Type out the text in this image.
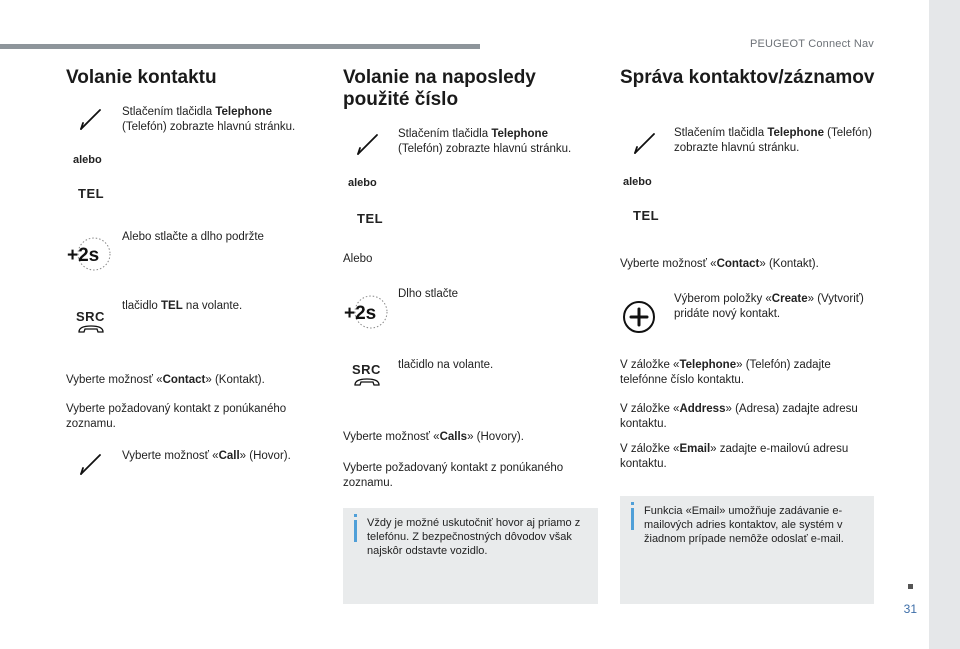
PEUGEOT Connect Nav
31
Volanie kontaktu
Stlačením tlačidla Telephone (Telefón) zobrazte hlavnú stránku.
alebo
TEL
+2s
Alebo stlačte a dlho podržte
SRC
tlačidlo TEL na volante.
Vyberte možnosť «Contact» (Kontakt).
Vyberte požadovaný kontakt z ponúkaného zoznamu.
Vyberte možnosť «Call» (Hovor).
Volanie na naposledy použité číslo
Stlačením tlačidla Telephone (Telefón) zobrazte hlavnú stránku.
alebo
TEL
Alebo
+2s
Dlho stlačte
SRC tlačidlo na volante.
Vyberte možnosť «Calls» (Hovory).
Vyberte požadovaný kontakt z ponúkaného zoznamu.
Vždy je možné uskutočniť hovor aj priamo z telefónu. Z bezpečnostných dôvodov však najskôr odstavte vozidlo.
Správa kontaktov/záznamov
Stlačením tlačidla Telephone (Telefón) zobrazte hlavnú stránku.
alebo
TEL
Vyberte možnosť «Contact» (Kontakt).
Výberom položky «Create» (Vytvoriť) pridáte nový kontakt.
V záložke «Telephone» (Telefón) zadajte telefónne číslo kontaktu.
V záložke «Address» (Adresa) zadajte adresu kontaktu.
V záložke «Email» zadajte e-mailovú adresu kontaktu.
Funkcia «Email» umožňuje zadávanie e-mailových adries kontaktov, ale systém v žiadnom prípade nemôže odoslať e-mail.
